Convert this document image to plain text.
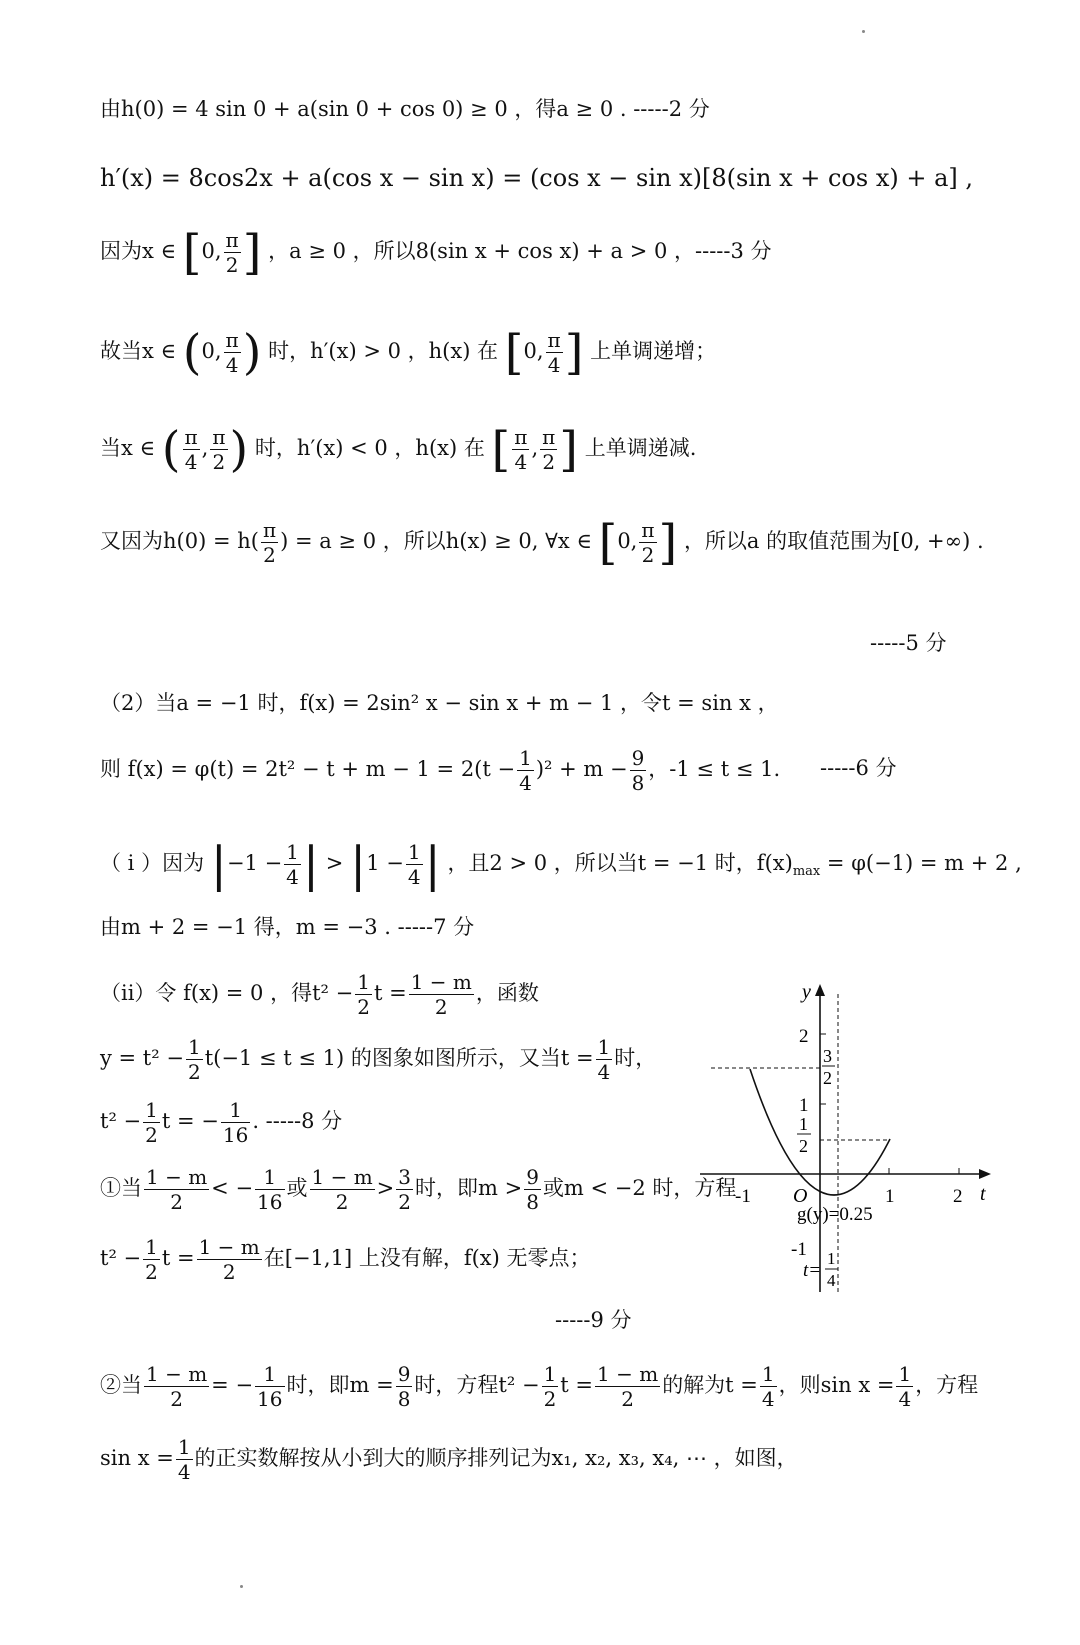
由h(0) = 4 sin 0 + a(sin 0 + cos 0) ≥ 0 ，得a ≥ 0 . -----2 分
h′(x) = 8cos2x + a(cos x − sin x) = (cos x − sin x)[8(sin x + cos x) + a] ,
因为x ∈ [0, $\frac{\pi}{2}$ ] ，a ≥ 0 ，所以8(sin x + cos x) + a > 0 ，-----3 分
故当x ∈ (0, $\frac{\pi}{4}$ ) 时，h′(x) > 0 ，h(x) 在 [0, $\frac{\pi}{4}$ ] 上单调递增；
当x ∈ ( $\frac{\pi}{4}$ , $\frac{\pi}{2}$ ) 时，h′(x) < 0 ，h(x) 在 [ $\frac{\pi}{4}$ , $\frac{\pi}{2}$ ] 上单调递减.
又因为$h(0) = h( \frac{\pi}{2}$ ) = a ≥ 0 ，所以h(x) ≥ 0, ∀x ∈ [0, $\frac{\pi}{2}$ ] ，所以a 的取值范围为[0, +∞) .
-----5 分
（2）当a = −1 时，f(x) = 2sin² x − sin x + m − 1 ，令t = sin x ，
则 $f(x) = \varphi(t) = 2t^2 - t + m - 1 = 2(t - \frac{1}{4} )^2 + m - \frac{9}{8}$ ，-1 ≤ t ≤ 1. -----6 分
（ i ）因为 $|-1 - \frac{1}{4}$ | > $|1 - \frac{1}{4}$ | ，且2 > 0 ，所以当t = −1 时，$f(x)_{max} = \varphi(-1) = m + 2$ ,
由m + 2 = −1 得，m = −3 . -----7 分
（ii）令 f(x) = 0 ，得$t^2 - \frac{1}{2}$ $t = \frac{1 - m}{2}$ ，函数
$y = t^2 - \frac{1}{2} t(-1 \le t \le 1)$ 的图象如图所示，又当$t = \frac{1}{4}$ 时，
$t^2 - \frac{1}{2}$ t = − $\frac{1}{16}$ . -----8 分
①当 $\frac{1 - m}{2}$ < − $\frac{1}{16}$ 或 $\frac{1 - m}{2} > \frac{3}{2}$ 时，即$m > \frac{9}{8}$ 或m < −2 时，方程
$t^2 - \frac{1}{2}$ $t = \frac{1 - m}{2}$ 在[−1,1] 上没有解，f(x) 无零点；
-----9 分
②当 $\frac{1 - m}{2}$ = − $\frac{1}{16}$ 时，即$m = \frac{9}{8}$ 时，方程$t^2 - \frac{1}{2}$ $t = \frac{1 - m}{2}$ 的解为$t = \frac{1}{4}$ ，则$\sin x = \frac{1}{4}$ ，方程
$\sin x = \frac{1}{4}$ 的正实数解按从小到大的顺序排列记为x₁, x₂, x₃, x₄, ⋯ ，如图，
y
t
O
2
1
-1
-1	1	2
3
2
1
2
g(y)=0.25
t=
1
4
